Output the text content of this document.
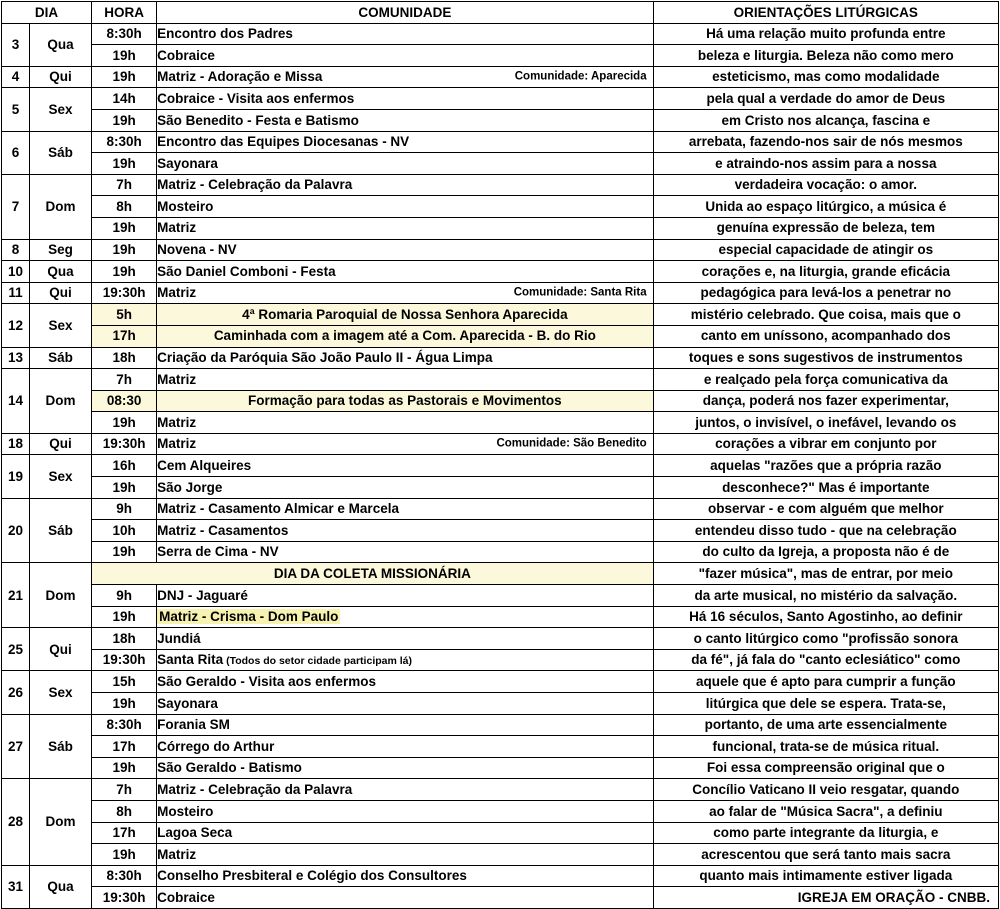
DIA		HORA	COMUNIDADE	ORIENTAÇÕES LITÚRGICAS
3	Qua	8:30h	Encontro dos Padres	Há uma relação muito profunda entre
		19h	Cobraice	beleza e liturgia. Beleza não como mero
4	Qui	19h	Matriz - Adoração e Missa Comunidade: Aparecida	esteticismo, mas como modalidade
5	Sex	14h	Cobraice - Visita aos enfermos	pela qual a verdade do amor de Deus
		19h	São Benedito - Festa e Batismo	em Cristo nos alcança, fascina e
6	Sáb	8:30h	Encontro das Equipes Diocesanas - NV	arrebata, fazendo-nos sair de nós mesmos
		19h	Sayonara	e atraindo-nos assim para a nossa
7	Dom	7h	Matriz - Celebração da Palavra	verdadeira vocação: o amor.
		8h	Mosteiro	Unida ao espaço litúrgico, a música é
		19h	Matriz	genuína expressão de beleza, tem
8	Seg	19h	Novena - NV	especial capacidade de atingir os
10	Qua	19h	São Daniel Comboni - Festa	corações e, na liturgia, grande eficácia
11	Qui	19:30h	Matriz Comunidade: Santa Rita	pedagógica para levá-los a penetrar no
12	Sex	5h	4ª Romaria Paroquial de Nossa Senhora Aparecida	mistério celebrado. Que coisa, mais que o
		17h	Caminhada com a imagem até a Com. Aparecida - B. do Rio	canto em uníssono, acompanhado dos
13	Sáb	18h	Criação da Paróquia São João Paulo II - Água Limpa	toques e sons sugestivos de instrumentos
14	Dom	7h	Matriz	e realçado pela força comunicativa da
		08:30	Formação para todas as Pastorais e Movimentos	dança, poderá nos fazer experimentar,
		19h	Matriz	juntos, o invisível, o inefável, levando os
18	Qui	19:30h	Matriz Comunidade: São Benedito	corações a vibrar em conjunto por
19	Sex	16h	Cem Alqueires	aquelas "razões que a própria razão
		19h	São Jorge	desconhece?" Mas é importante
20	Sáb	9h	Matriz - Casamento Almicar e Marcela	observar - e com alguém que melhor
		10h	Matriz - Casamentos	entendeu disso tudo - que na celebração
		19h	Serra de Cima - NV	do culto da Igreja, a proposta não é de
21	Dom	DIA DA COLETA MISSIONÁRIA		"fazer música", mas de entrar, por meio
		9h	DNJ - Jaguaré	da arte musical, no mistério da salvação.
		19h	Matriz - Crisma - Dom Paulo	Há 16 séculos, Santo Agostinho, ao definir
25	Qui	18h	Jundiá	o canto litúrgico como "profissão sonora
		19:30h	Santa Rita (Todos do setor cidade participam lá)	da fé", já fala do "canto eclesiático" como
26	Sex	15h	São Geraldo - Visita aos enfermos	aquele que é apto para cumprir a função
		19h	Sayonara	litúrgica que dele se espera. Trata-se,
27	Sáb	8:30h	Forania SM	portanto, de uma arte essencialmente
		17h	Córrego do Arthur	funcional, trata-se de música ritual.
		19h	São Geraldo - Batismo	Foi essa compreensão original que o
28	Dom	7h	Matriz - Celebração da Palavra	Concílio Vaticano II veio resgatar, quando
		8h	Mosteiro	ao falar de "Música Sacra", a definiu
		17h	Lagoa Seca	como parte integrante da liturgia, e
		19h	Matriz	acrescentou que será tanto mais sacra
31	Qua	8:30h	Conselho Presbiteral e Colégio dos Consultores	quanto mais intimamente estiver ligada
		19:30h	Cobraice	IGREJA EM ORAÇÃO - CNBB.
